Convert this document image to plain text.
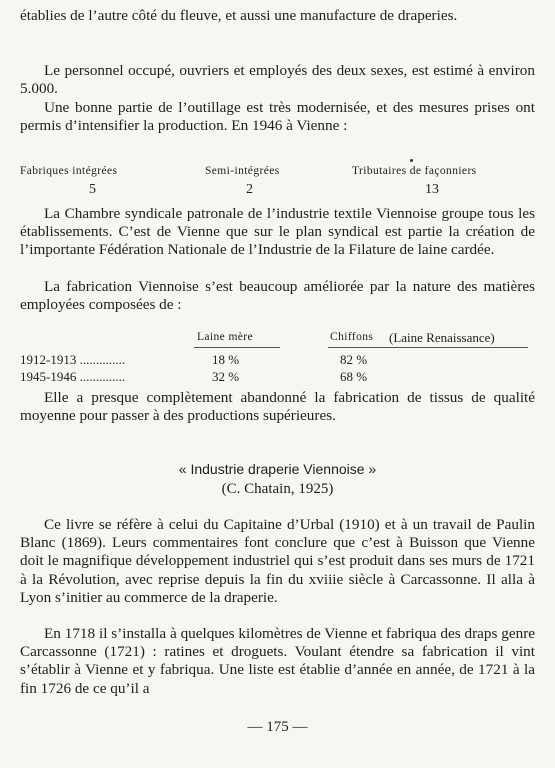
établies de l’autre côté du fleuve, et aussi une manufacture de draperies.

Le personnel occupé, ouvriers et employés des deux sexes, est estimé à environ 5.000.

Une bonne partie de l’outillage est très modernisée, et des mesures prises ont permis d’intensifier la production. En 1946 à Vienne :

Fabriques intégrées	Semi-intégrées	Tributaires de façonniers
5	2	13

La Chambre syndicale patronale de l’industrie textile Viennoise groupe tous les établissements. C’est de Vienne que sur le plan syndical est partie la création de l’importante Fédération Nationale de l’Industrie de la Filature de laine cardée.

La fabrication Viennoise s’est beaucoup améliorée par la nature des matières employées composées de :

Laine mère	Chiffons (Laine Renaissance)
1912-1913 ..............	18 %	82 %
1945-1946 ..............	32 %	68 %

Elle a presque complètement abandonné la fabrication de tissus de qualité moyenne pour passer à des productions supérieures.

« Industrie draperie Viennoise »
(C. Chatain, 1925)

Ce livre se réfère à celui du Capitaine d’Urbal (1910) et à un travail de Paulin Blanc (1869). Leurs commentaires font conclure que c’est à Buisson que Vienne doit le magnifique développement industriel qui s’est produit dans ses murs de 1721 à la Révolution, avec reprise depuis la fin du xviiie siècle à Carcassonne. Il alla à Lyon s’initier au commerce de la draperie.

En 1718 il s’installa à quelques kilomètres de Vienne et fabriqua des draps genre Carcassonne (1721) : ratines et droguets. Voulant étendre sa fabrication il vint s’établir à Vienne et y fabriqua. Une liste est établie d’année en année, de 1721 à la fin 1726 de ce qu’il a

— 175 —
